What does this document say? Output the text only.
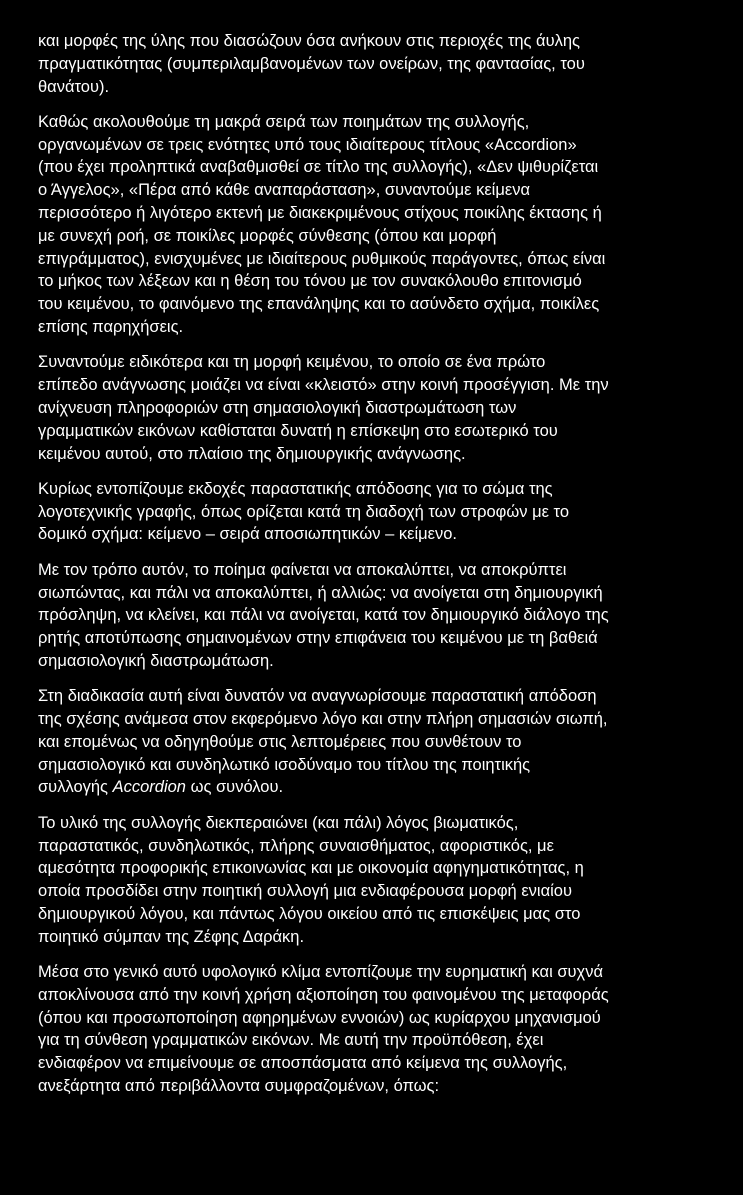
και μορφές της ύλης που διασώζουν όσα ανήκουν στις περιοχές της άυλης
πραγματικότητας (συμπεριλαμβανομένων των ονείρων, της φαντασίας, του
θανάτου).

Καθώς ακολουθούμε τη μακρά σειρά των ποιημάτων της συλλογής,
οργανωμένων σε τρεις ενότητες υπό τους ιδιαίτερους τίτλους «Accordion»
(που έχει προληπτικά αναβαθμισθεί σε τίτλο της συλλογής), «Δεν ψιθυρίζεται
ο Άγγελος», «Πέρα από κάθε αναπαράσταση», συναντούμε κείμενα
περισσότερο ή λιγότερο εκτενή με διακεκριμένους στίχους ποικίλης έκτασης ή
με συνεχή ροή, σε ποικίλες μορφές σύνθεσης (όπου και μορφή
επιγράμματος), ενισχυμένες με ιδιαίτερους ρυθμικούς παράγοντες, όπως είναι
το μήκος των λέξεων και η θέση του τόνου με τον συνακόλουθο επιτονισμό
του κειμένου, το φαινόμενο της επανάληψης και το ασύνδετο σχήμα, ποικίλες
επίσης παρηχήσεις.

Συναντούμε ειδικότερα και τη μορφή κειμένου, το οποίο σε ένα πρώτο
επίπεδο ανάγνωσης μοιάζει να είναι «κλειστό» στην κοινή προσέγγιση. Με την
ανίχνευση πληροφοριών στη σημασιολογική διαστρωμάτωση των
γραμματικών εικόνων καθίσταται δυνατή η επίσκεψη στο εσωτερικό του
κειμένου αυτού, στο πλαίσιο της δημιουργικής ανάγνωσης.

Κυρίως εντοπίζουμε εκδοχές παραστατικής απόδοσης για το σώμα της
λογοτεχνικής γραφής, όπως ορίζεται κατά τη διαδοχή των στροφών με το
δομικό σχήμα: κείμενο – σειρά αποσιωπητικών – κείμενο.

Με τον τρόπο αυτόν, το ποίημα φαίνεται να αποκαλύπτει, να αποκρύπτει
σιωπώντας, και πάλι να αποκαλύπτει, ή αλλιώς: να ανοίγεται στη δημιουργική
πρόσληψη, να κλείνει, και πάλι να ανοίγεται, κατά τον δημιουργικό διάλογο της
ρητής αποτύπωσης σημαινομένων στην επιφάνεια του κειμένου με τη βαθειά
σημασιολογική διαστρωμάτωση.

Στη διαδικασία αυτή είναι δυνατόν να αναγνωρίσουμε παραστατική απόδοση
της σχέσης ανάμεσα στον εκφερόμενο λόγο και στην πλήρη σημασιών σιωπή,
και επομένως να οδηγηθούμε στις λεπτομέρειες που συνθέτουν το
σημασιολογικό και συνδηλωτικό ισοδύναμο του τίτλου της ποιητικής
συλλογής Accordion ως συνόλου.

Το υλικό της συλλογής διεκπεραιώνει (και πάλι) λόγος βιωματικός,
παραστατικός, συνδηλωτικός, πλήρης συναισθήματος, αφοριστικός, με
αμεσότητα προφορικής επικοινωνίας και με οικονομία αφηγηματικότητας, η
οποία προσδίδει στην ποιητική συλλογή μια ενδιαφέρουσα μορφή ενιαίου
δημιουργικού λόγου, και πάντως λόγου οικείου από τις επισκέψεις μας στο
ποιητικό σύμπαν της Ζέφης Δαράκη.

Μέσα στο γενικό αυτό υφολογικό κλίμα εντοπίζουμε την ευρηματική και συχνά
αποκλίνουσα από την κοινή χρήση αξιοποίηση του φαινομένου της μεταφοράς
(όπου και προσωποποίηση αφηρημένων εννοιών) ως κυρίαρχου μηχανισμού
για τη σύνθεση γραμματικών εικόνων. Με αυτή την προϋπόθεση, έχει
ενδιαφέρον να επιμείνουμε σε αποσπάσματα από κείμενα της συλλογής,
ανεξάρτητα από περιβάλλοντα συμφραζομένων, όπως:
